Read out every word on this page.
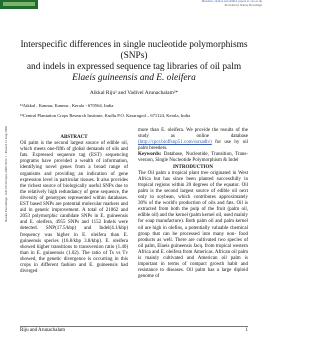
Metadata, citation and similar papers at core.ac.uk
Provided by Nature Precedings
Nature Precedings : hdl:10101/npre.2009.3552.1 : Posted 12 Aug 2009
Interspecific differences in single nucleotide polymorphisms
(SNPs)
and indels in expressed sequence tag libraries of oil palm
Elaeis guineensis and E. oleifera
Aikkal Riju¹ and Vadivel Arunachalam²*
¹²Aikkal , Kannur, Kannur , Kerala - 670564, India
¹²Central Plantation Crops Research Institute, Kudlu P.O. Kasaragod – 671124, Kerala, India

ABSTRACT

Oil palm is the second largest source of edible oil, which meets one-fifth of global demands of oils and fats. Expressed sequence tag (EST) sequencing programs have provided a wealth of information, identifying novel genes from a broad range of organisms and providing an indication of gene expression level in particular tissues. It also provides the richest source of biologically useful SNPs due to the relatively high redundancy of gene sequence, the diversity of genotypes represented within databases. EST based SNPs are potential molecular markers and aid in genetic improvement. A total of 21062 and 2053 polymorphic candidate SNPs in E. guineensis and E. oleifera, 4955 SNPs and 1152 Indels were detected. SNP(17.5/kbp) and Indel(4.1/kbp) frequency was higher in E. oleifera than E. guineensis species (16.8/kbp 3.8/kbp). E. oleifera showed higher transitions to transversion ratio (1.40) than in E. guineensis (1.02). The ratio of Ts vs Tv showed, the genetic divergence is occurring in this crops in different fashion and E. guineensis had diverged

more than E. oleifera. We provide the results of the study as online database (http://cpcr.bioffsnp51.com/ssrsadb/) for use by oil palm breeders.

Keywords: Database, Nucleotide, Transition, Trans- version, Single Nucleotide Polymorphism & Indel

INTRODUCTION

The Oil palm a tropical plant tree originated in West Africa but has since been planted successfully in tropical regions within 20 degrees of the equator. Oil palm is the second largest source of edible oil next only to soybean, which contributes approximately 30% of the world's production of oils and fats. Oil is extracted from both the pulp of the fruit (palm oil, edible oil) and the kernel (palm kernel oil, used mainly for soap manufacture). Both palm oil and palm kernel oil are high in olefins, a potentially valuable chemical group that can be processed into many non- food products as well. There are cultivated two species of oil palm, Elaeis guineensis Jacq. from tropical western Africa and E. oleifera from Americas. African oil palm is mainly cultivated and American oil palm is important in terms of compact growth habit and resistance to diseases. Oil palm has a large diploid genome of

Riju and Arunachalam	1
